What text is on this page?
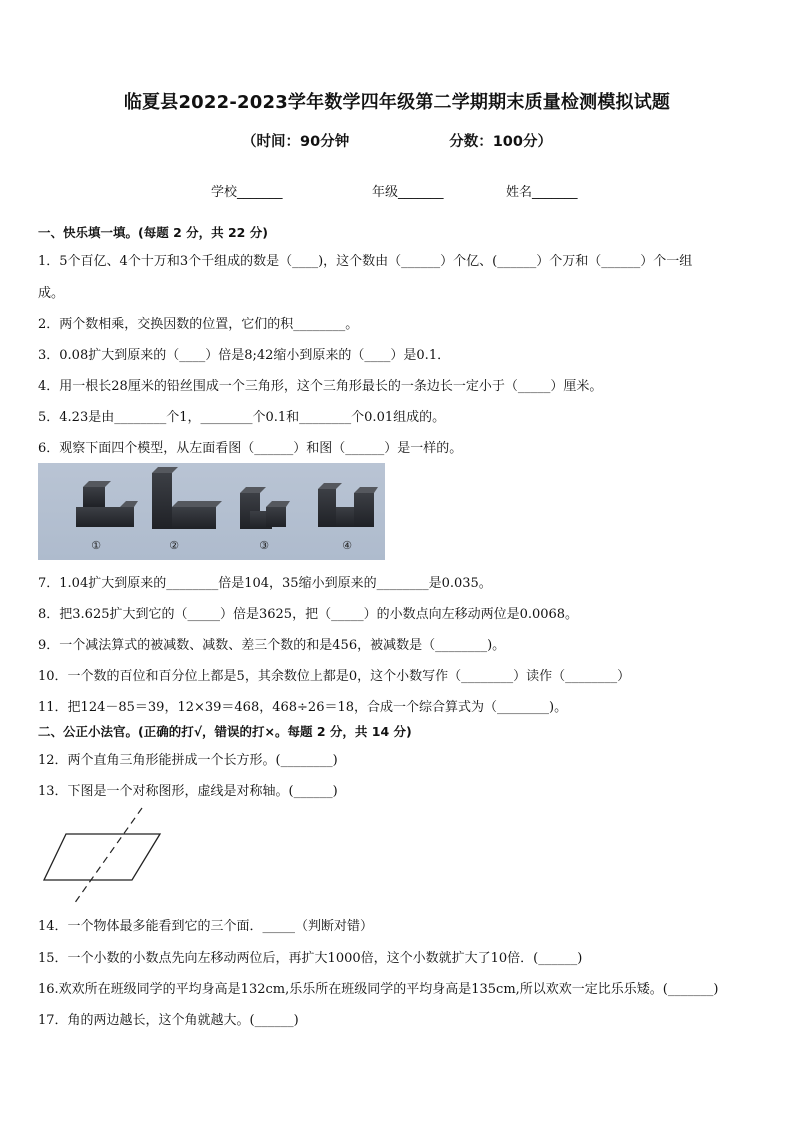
临夏县2022-2023学年数学四年级第二学期期末质量检测模拟试题
（时间：90分钟	分数：100分）
学校_______	年级_______	姓名_______
一、快乐填一填。(每题 2 分，共 22 分)
1．5个百亿、4个十万和3个千组成的数是（____)，这个数由（______）个亿、(______）个万和（______）个一组
成。
2．两个数相乘，交换因数的位置，它们的积________。
3．0.08扩大到原来的（____）倍是8;42缩小到原来的（____）是0.1．
4．用一根长28厘米的铅丝围成一个三角形，这个三角形最长的一条边长一定小于（_____）厘米。
5．4.23是由________个1，________个0.1和________个0.01组成的。
6．观察下面四个模型，从左面看图（______）和图（______）是一样的。
①	②	③	④
7．1.04扩大到原来的________倍是104，35缩小到原来的________是0.035。
8．把3.625扩大到它的（_____）倍是3625，把（_____）的小数点向左移动两位是0.0068。
9．一个减法算式的被减数、减数、差三个数的和是456，被减数是（________)。
10．一个数的百位和百分位上都是5，其余数位上都是0，这个小数写作（________）读作（________）
11．把124－85＝39，12×39＝468，468÷26＝18，合成一个综合算式为（________)。
二、公正小法官。(正确的打√，错误的打×。每题 2 分，共 14 分)
12．两个直角三角形能拼成一个长方形。(________)
13．下图是一个对称图形，虚线是对称轴。(______)
14．一个物体最多能看到它的三个面．_____（判断对错）
15．一个小数的小数点先向左移动两位后，再扩大1000倍，这个小数就扩大了10倍．(______)
16.欢欢所在班级同学的平均身高是132cm,乐乐所在班级同学的平均身高是135cm,所以欢欢一定比乐乐矮。(_______)
17．角的两边越长，这个角就越大。(______)
